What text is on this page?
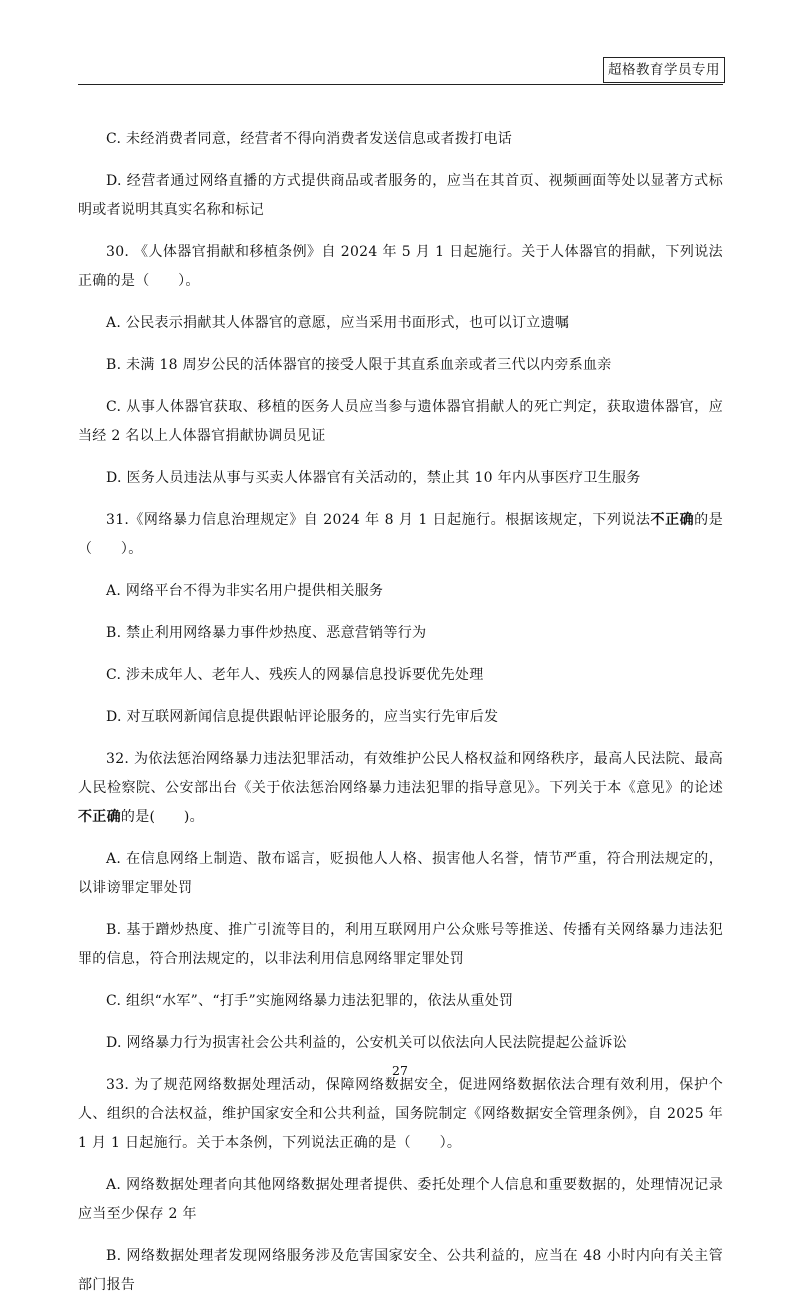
超格教育学员专用

C. 未经消费者同意，经营者不得向消费者发送信息或者拨打电话

D. 经营者通过网络直播的方式提供商品或者服务的，应当在其首页、视频画面等处以显著方式标明或者说明其真实名称和标记

30. 《人体器官捐献和移植条例》自 2024 年 5 月 1 日起施行。关于人体器官的捐献，下列说法正确的是（　　）。

A. 公民表示捐献其人体器官的意愿，应当采用书面形式，也可以订立遗嘱

B. 未满 18 周岁公民的活体器官的接受人限于其直系血亲或者三代以内旁系血亲

C. 从事人体器官获取、移植的医务人员应当参与遗体器官捐献人的死亡判定，获取遗体器官，应当经 2 名以上人体器官捐献协调员见证

D. 医务人员违法从事与买卖人体器官有关活动的，禁止其 10 年内从事医疗卫生服务

31.《网络暴力信息治理规定》自 2024 年 8 月 1 日起施行。根据该规定，下列说法不正确的是（　　）。

A. 网络平台不得为非实名用户提供相关服务

B. 禁止利用网络暴力事件炒热度、恶意营销等行为

C. 涉未成年人、老年人、残疾人的网暴信息投诉要优先处理

D. 对互联网新闻信息提供跟帖评论服务的，应当实行先审后发

32. 为依法惩治网络暴力违法犯罪活动，有效维护公民人格权益和网络秩序，最高人民法院、最高人民检察院、公安部出台《关于依法惩治网络暴力违法犯罪的指导意见》。下列关于本《意见》的论述不正确的是(　　)。

A. 在信息网络上制造、散布谣言，贬损他人人格、损害他人名誉，情节严重，符合刑法规定的，以诽谤罪定罪处罚

B. 基于蹭炒热度、推广引流等目的，利用互联网用户公众账号等推送、传播有关网络暴力违法犯罪的信息，符合刑法规定的，以非法利用信息网络罪定罪处罚

C. 组织“水军”、“打手”实施网络暴力违法犯罪的，依法从重处罚

D. 网络暴力行为损害社会公共利益的，公安机关可以依法向人民法院提起公益诉讼

33. 为了规范网络数据处理活动，保障网络数据安全，促进网络数据依法合理有效利用，保护个人、组织的合法权益，维护国家安全和公共利益，国务院制定《网络数据安全管理条例》，自 2025 年 1 月 1 日起施行。关于本条例，下列说法正确的是（　　）。

A. 网络数据处理者向其他网络数据处理者提供、委托处理个人信息和重要数据的，处理情况记录应当至少保存 2 年

B. 网络数据处理者发现网络服务涉及危害国家安全、公共利益的，应当在 48 小时内向有关主管部门报告

27
